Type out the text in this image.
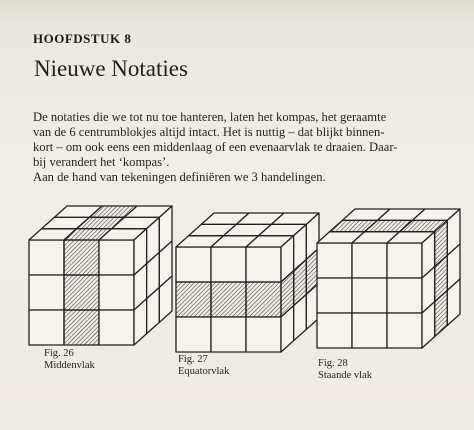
HOOFDSTUK 8
Nieuwe Notaties
De notaties die we tot nu toe hanteren, laten het kompas, het geraamte
van de 6 centrumblokjes altijd intact. Het is nuttig – dat blijkt binnen-
kort – om ook eens een middenlaag of een evenaarvlak te draaien. Daar-
bij verandert het ‘kompas’.
Aan de hand van tekeningen definiëren we 3 handelingen.
Fig. 26
Middenvlak
Fig. 27
Equatorvlak
Fig. 28
Staande vlak
